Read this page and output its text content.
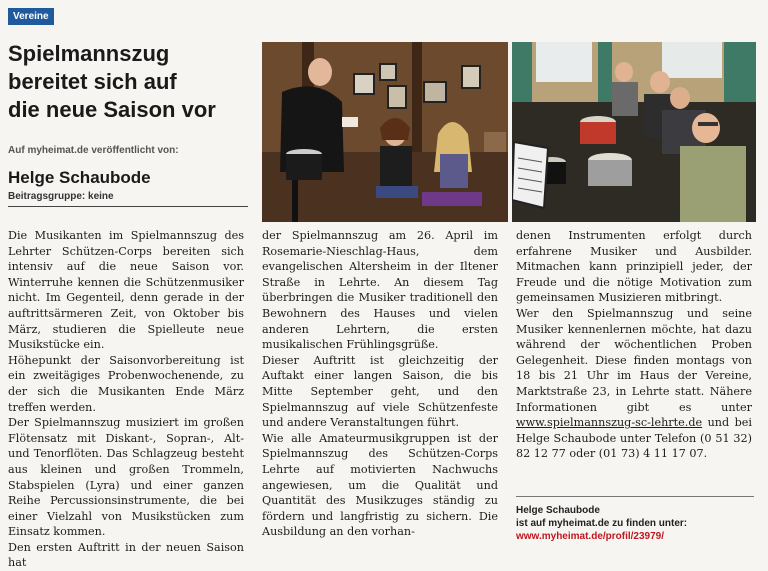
Vereine
Spielmannszug
bereitet sich auf
die neue Saison vor
Auf myheimat.de veröffentlicht von:
Helge Schaubode
Beitragsgruppe: keine

Die Musikanten im Spielmannszug des Lehrter Schützen-Corps bereiten sich intensiv auf die neue Saison vor. Winterruhe kennen die Schützenmusiker nicht. Im Gegenteil, denn gerade in der auftrittsärmeren Zeit, von Oktober bis März, studieren die Spielleute neue Musikstücke ein.

Höhepunkt der Saisonvorbereitung ist ein zweitägiges Probenwochenende, zu der sich die Musikanten Ende März treffen werden.

Der Spielmannszug musiziert im großen Flötensatz mit Diskant-, Sopran-, Alt- und Tenorflöten. Das Schlagzeug besteht aus kleinen und großen Trommeln, Stabspielen (Lyra) und einer ganzen Reihe Percussionsinstrumente, die bei einer Vielzahl von Musikstücken zum Einsatz kommen.

Den ersten Auftritt in der neuen Saison hat

der Spielmannszug am 26. April im Rosemarie-Nieschlag-Haus, dem evangelischen Altersheim in der Iltener Straße in Lehrte. An diesem Tag überbringen die Musiker traditionell den Bewohnern des Hauses und vielen anderen Lehrtern, die ersten musikalischen Frühlingsgrüße.

Dieser Auftritt ist gleichzeitig der Auftakt einer langen Saison, die bis Mitte September geht, und den Spielmannszug auf viele Schützenfeste und andere Veranstaltungen führt.

Wie alle Amateurmusikgruppen ist der Spielmannszug des Schützen-Corps Lehrte auf motivierten Nachwuchs angewiesen, um die Qualität und Quantität des Musikzuges ständig zu fördern und langfristig zu sichern. Die Ausbildung an den vorhan-

denen Instrumenten erfolgt durch erfahrene Musiker und Ausbilder. Mitmachen kann prinzipiell jeder, der Freude und die nötige Motivation zum gemeinsamen Musizieren mitbringt.

Wer den Spielmannszug und seine Musiker kennenlernen möchte, hat dazu während der wöchentlichen Proben Gelegenheit. Diese finden montags von 18 bis 21 Uhr im Haus der Vereine, Marktstraße 23, in Lehrte statt. Nähere Informationen gibt es unter www.spielmannszug-sc-lehrte.de und bei Helge Schaubode unter Telefon (0 51 32) 82 12 77 oder (01 73) 4 11 17 07.

Helge Schaubode
ist auf myheimat.de zu finden unter:
www.myheimat.de/profil/23979/
